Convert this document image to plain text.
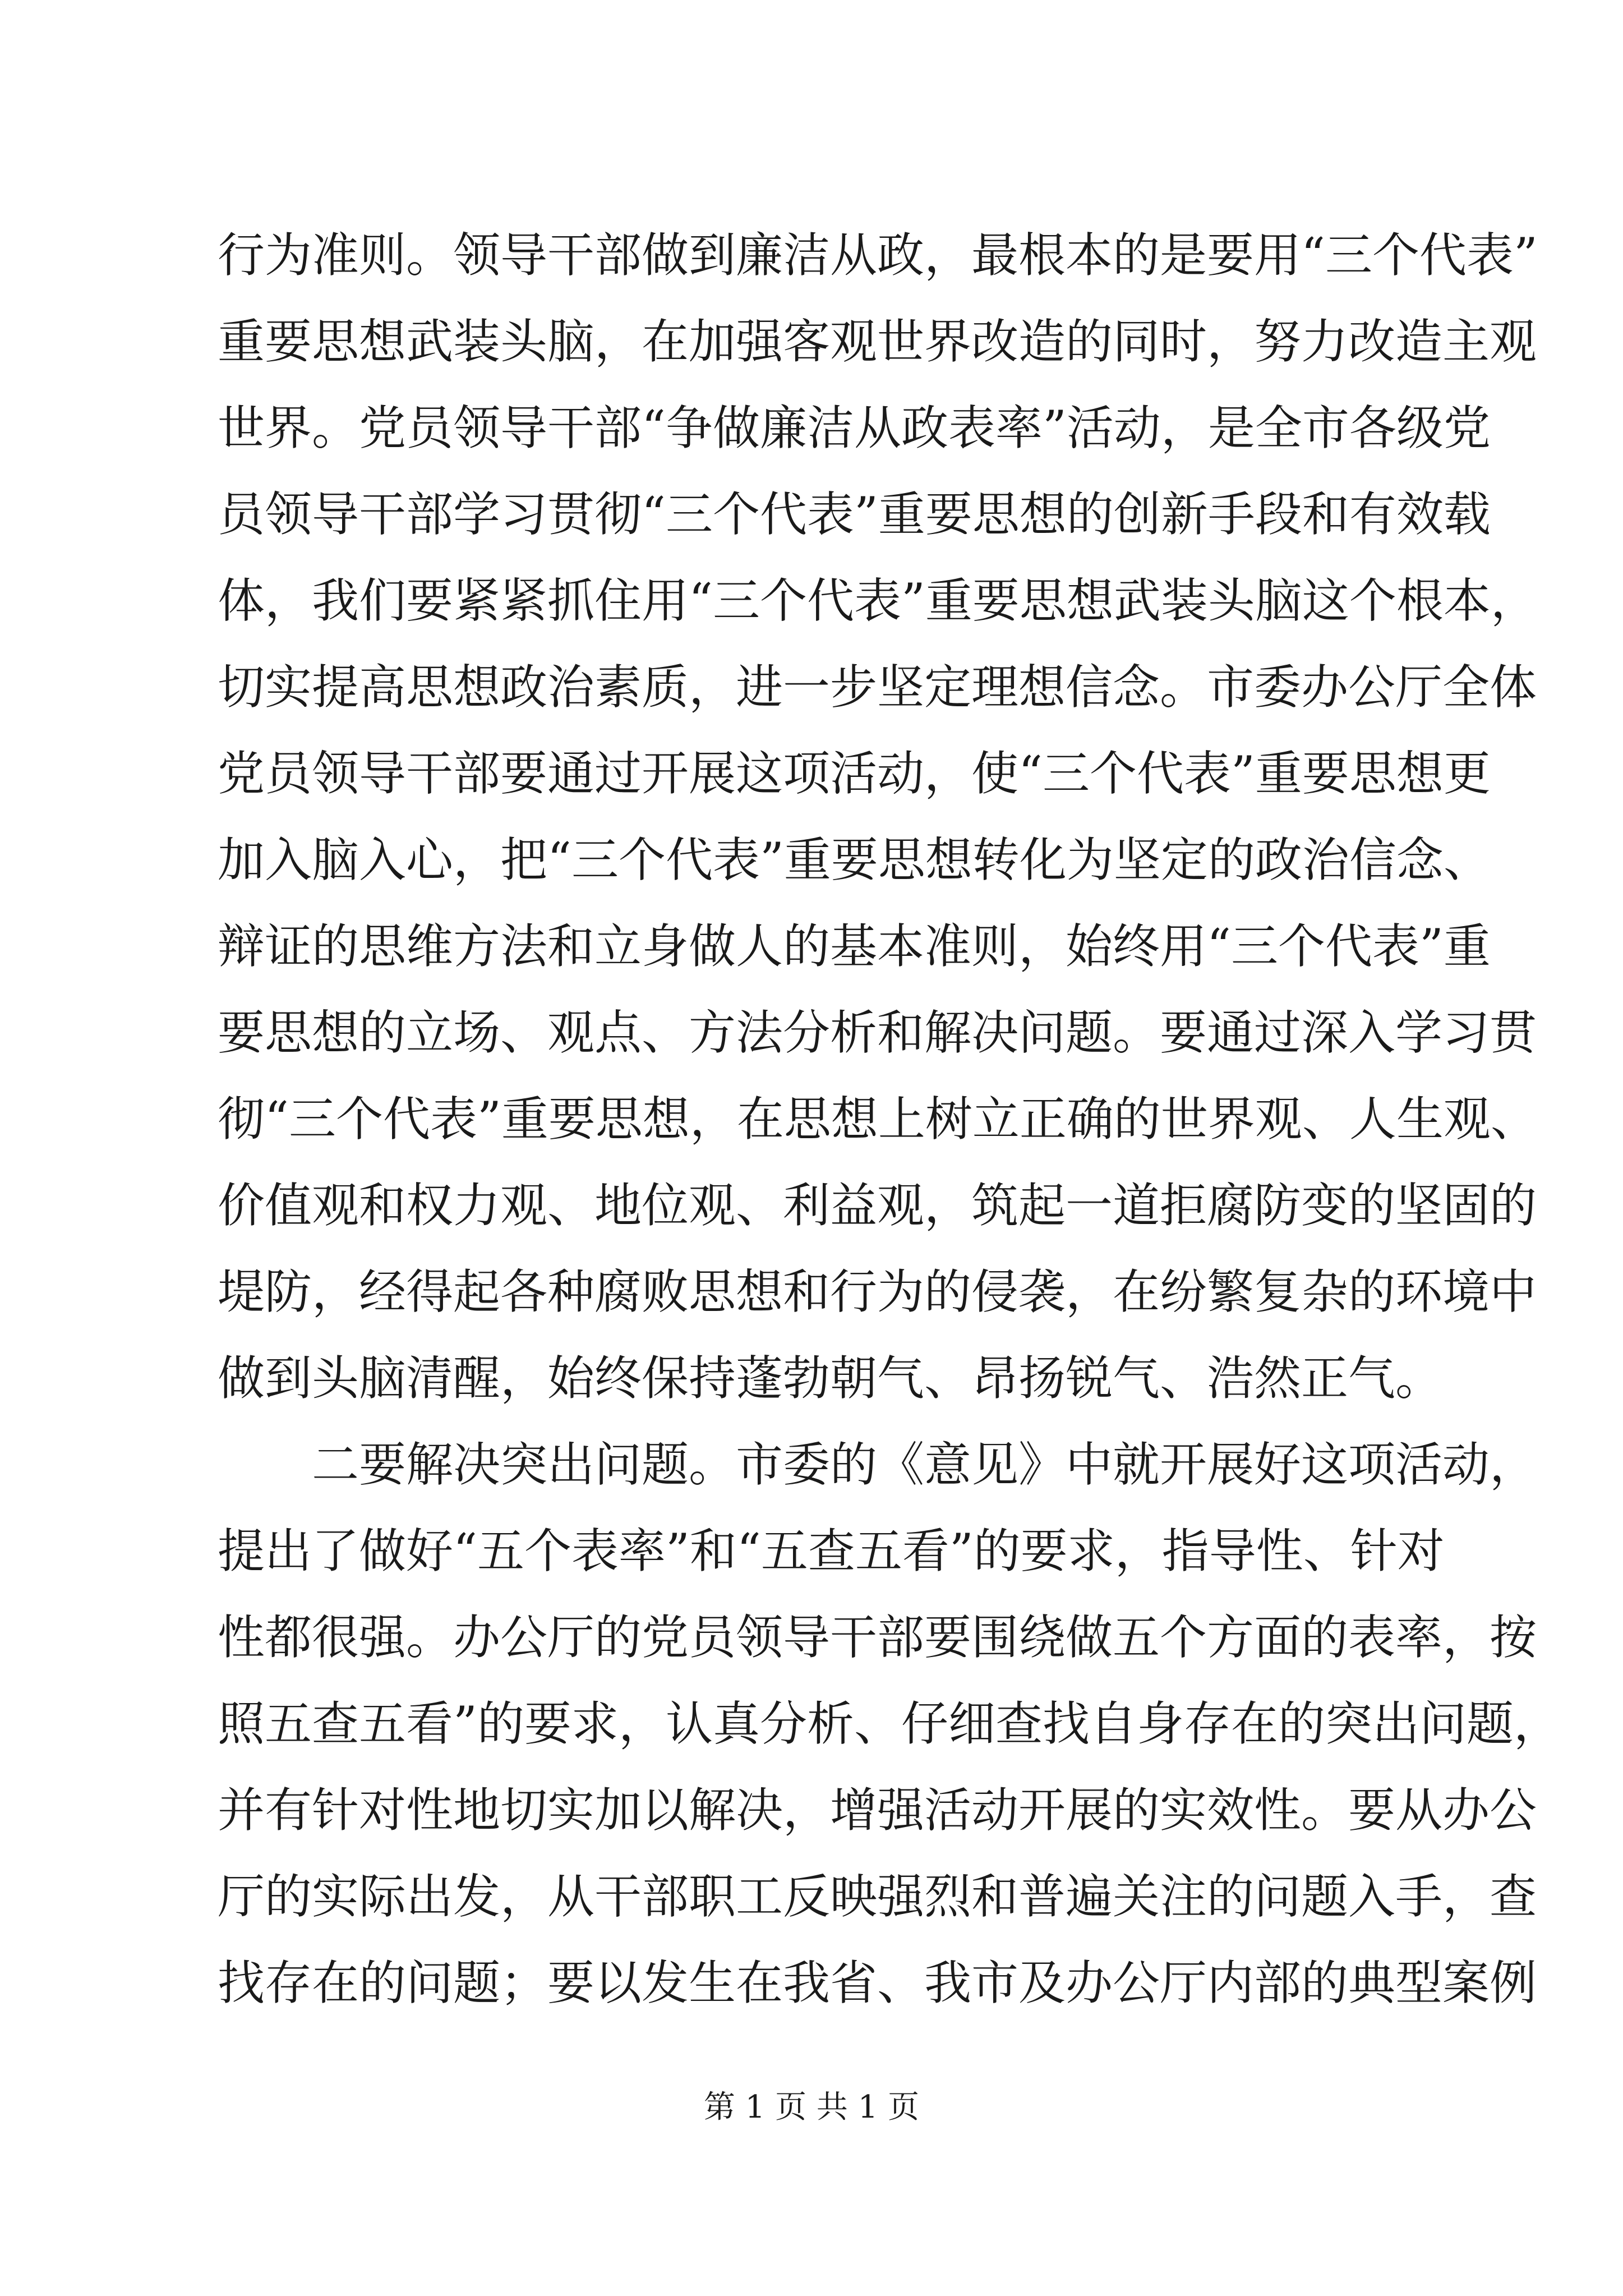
行为准则。领导干部做到廉洁从政，最根本的是要用“三个代表”
重要思想武装头脑，在加强客观世界改造的同时，努力改造主观
世界。党员领导干部“争做廉洁从政表率”活动，是全市各级党
员领导干部学习贯彻“三个代表”重要思想的创新手段和有效载
体，我们要紧紧抓住用“三个代表”重要思想武装头脑这个根本，
切实提高思想政治素质，进一步坚定理想信念。市委办公厅全体
党员领导干部要通过开展这项活动，使“三个代表”重要思想更
加入脑入心，把“三个代表”重要思想转化为坚定的政治信念、
辩证的思维方法和立身做人的基本准则，始终用“三个代表”重
要思想的立场、观点、方法分析和解决问题。要通过深入学习贯
彻“三个代表”重要思想，在思想上树立正确的世界观、人生观、
价值观和权力观、地位观、利益观，筑起一道拒腐防变的坚固的
堤防，经得起各种腐败思想和行为的侵袭，在纷繁复杂的环境中
做到头脑清醒，始终保持蓬勃朝气、昂扬锐气、浩然正气。
二要解决突出问题。市委的《意见》中就开展好这项活动，
提出了做好“五个表率”和“五查五看”的要求，指导性、针对
性都很强。办公厅的党员领导干部要围绕做五个方面的表率，按
照五查五看”的要求，认真分析、仔细查找自身存在的突出问题，
并有针对性地切实加以解决，增强活动开展的实效性。要从办公
厅的实际出发，从干部职工反映强烈和普遍关注的问题入手，查
找存在的问题；要以发生在我省、我市及办公厅内部的典型案例
第 1 页 共 1 页
